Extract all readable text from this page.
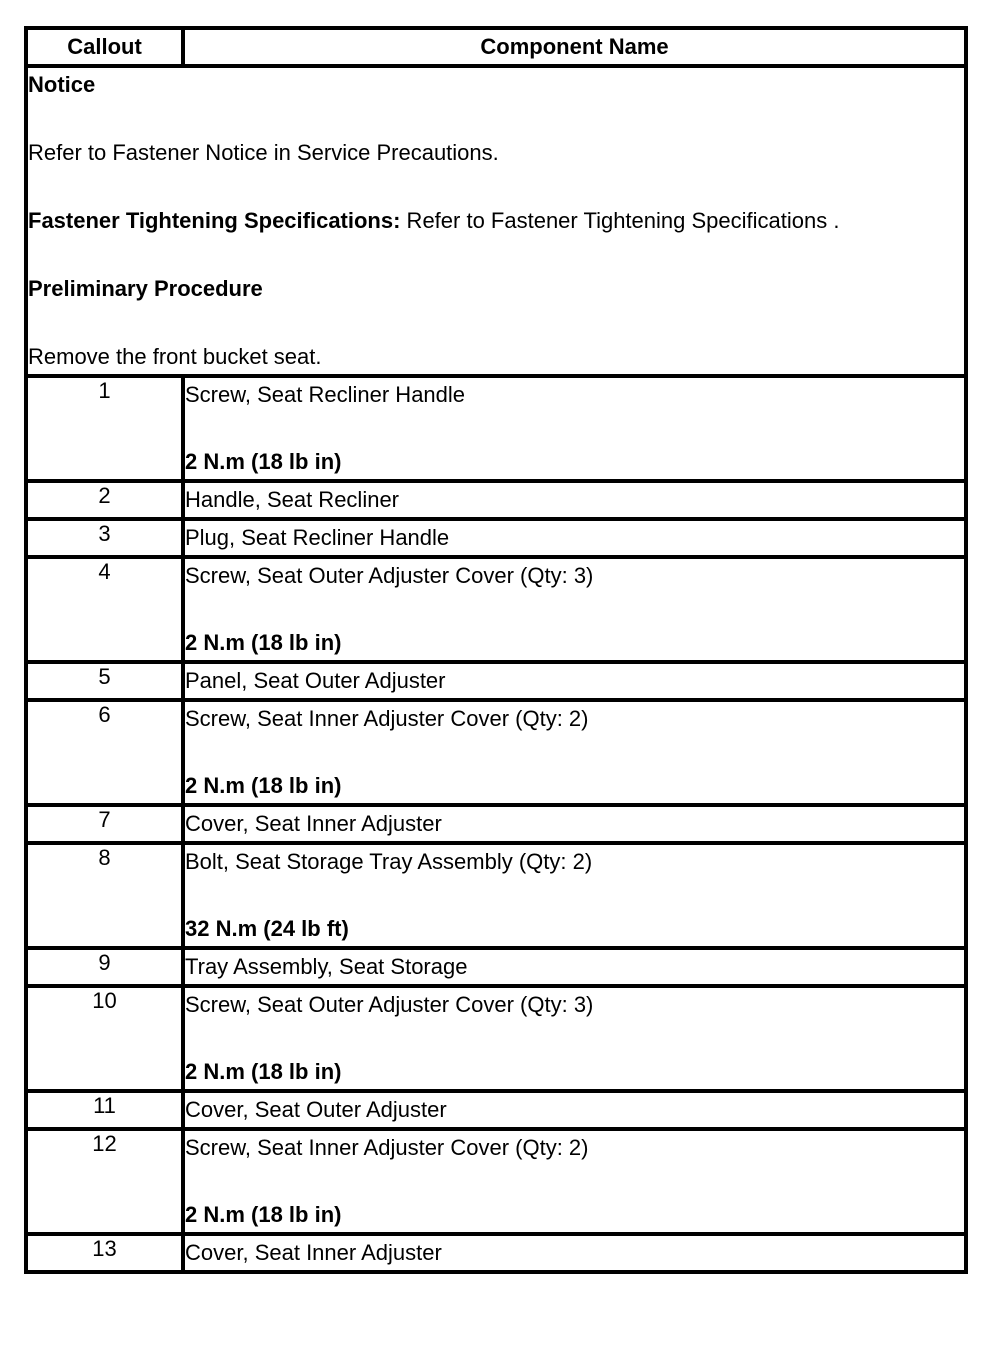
Callout	Component Name

Notice

Refer to Fastener Notice in Service Precautions.

Fastener Tightening Specifications: Refer to Fastener Tightening Specifications .

Preliminary Procedure

Remove the front bucket seat.	

1	Screw, Seat Recliner Handle
2 N.m (18 lb in)

2	Handle, Seat Recliner
3	Plug, Seat Recliner Handle
4	Screw, Seat Outer Adjuster Cover (Qty: 3)
2 N.m (18 lb in)

5	Panel, Seat Outer Adjuster
6	Screw, Seat Inner Adjuster Cover (Qty: 2)
2 N.m (18 lb in)

7	Cover, Seat Inner Adjuster
8	Bolt, Seat Storage Tray Assembly (Qty: 2)
32 N.m (24 lb ft)

9	Tray Assembly, Seat Storage
10	Screw, Seat Outer Adjuster Cover (Qty: 3)
2 N.m (18 lb in)

11	Cover, Seat Outer Adjuster
12	Screw, Seat Inner Adjuster Cover (Qty: 2)
2 N.m (18 lb in)

13	Cover, Seat Inner Adjuster
